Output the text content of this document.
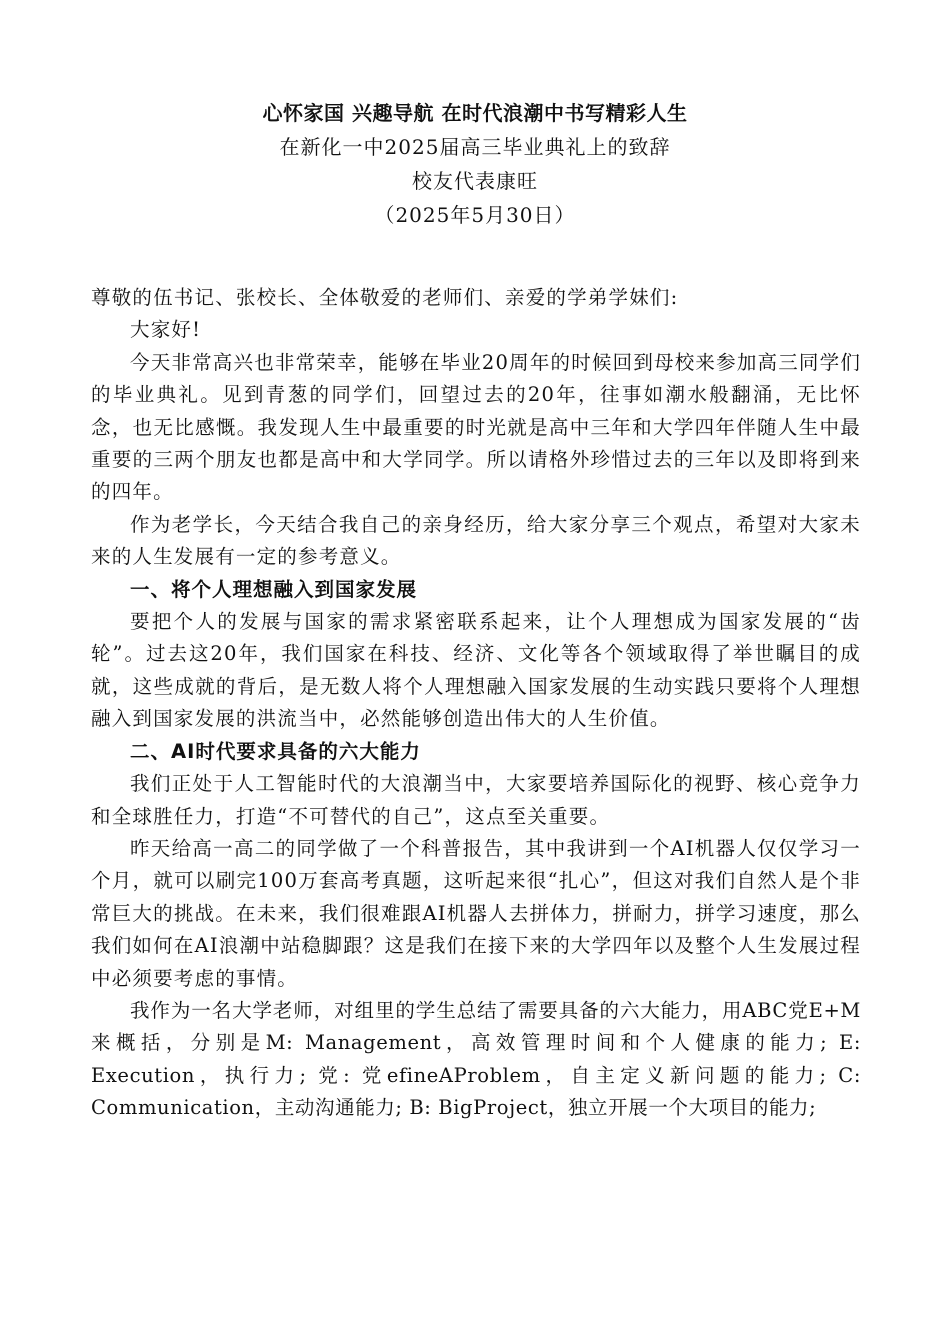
心怀家国 兴趣导航 在时代浪潮中书写精彩人生

在新化一中2025届高三毕业典礼上的致辞

校友代表康旺

（2025年5月30日）

尊敬的伍书记、张校长、全体敬爱的老师们、亲爱的学弟学妹们:

大家好!

今天非常高兴也非常荣幸，能够在毕业20周年的时候回到母校来参加高三同学们的毕业典礼。见到青葱的同学们，回望过去的20年，往事如潮水般翻涌，无比怀念，也无比感慨。我发现人生中最重要的时光就是高中三年和大学四年伴随人生中最重要的三两个朋友也都是高中和大学同学。所以请格外珍惜过去的三年以及即将到来的四年。

作为老学长，今天结合我自己的亲身经历，给大家分享三个观点，希望对大家未来的人生发展有一定的参考意义。

一、将个人理想融入到国家发展

要把个人的发展与国家的需求紧密联系起来，让个人理想成为国家发展的“齿轮”。过去这20年，我们国家在科技、经济、文化等各个领域取得了举世瞩目的成就，这些成就的背后，是无数人将个人理想融入国家发展的生动实践只要将个人理想融入到国家发展的洪流当中，必然能够创造出伟大的人生价值。

二、AI时代要求具备的六大能力

我们正处于人工智能时代的大浪潮当中，大家要培养国际化的视野、核心竞争力和全球胜任力，打造“不可替代的自己”，这点至关重要。

昨天给高一高二的同学做了一个科普报告，其中我讲到一个AI机器人仅仅学习一个月，就可以刷完100万套高考真题，这听起来很“扎心”，但这对我们自然人是个非常巨大的挑战。在未来，我们很难跟AI机器人去拼体力，拼耐力，拼学习速度，那么我们如何在AI浪潮中站稳脚跟？这是我们在接下来的大学四年以及整个人生发展过程中必须要考虑的事情。

我作为一名大学老师，对组里的学生总结了需要具备的六大能力，用ABC党E+M来概括，分别是M: Management，高效管理时间和个人健康的能力; E: Execution，执行力; 党: 党efineAProblem，自主定义新问题的能力; C: Communication，主动沟通能力; B: BigProject，独立开展一个大项目的能力;
